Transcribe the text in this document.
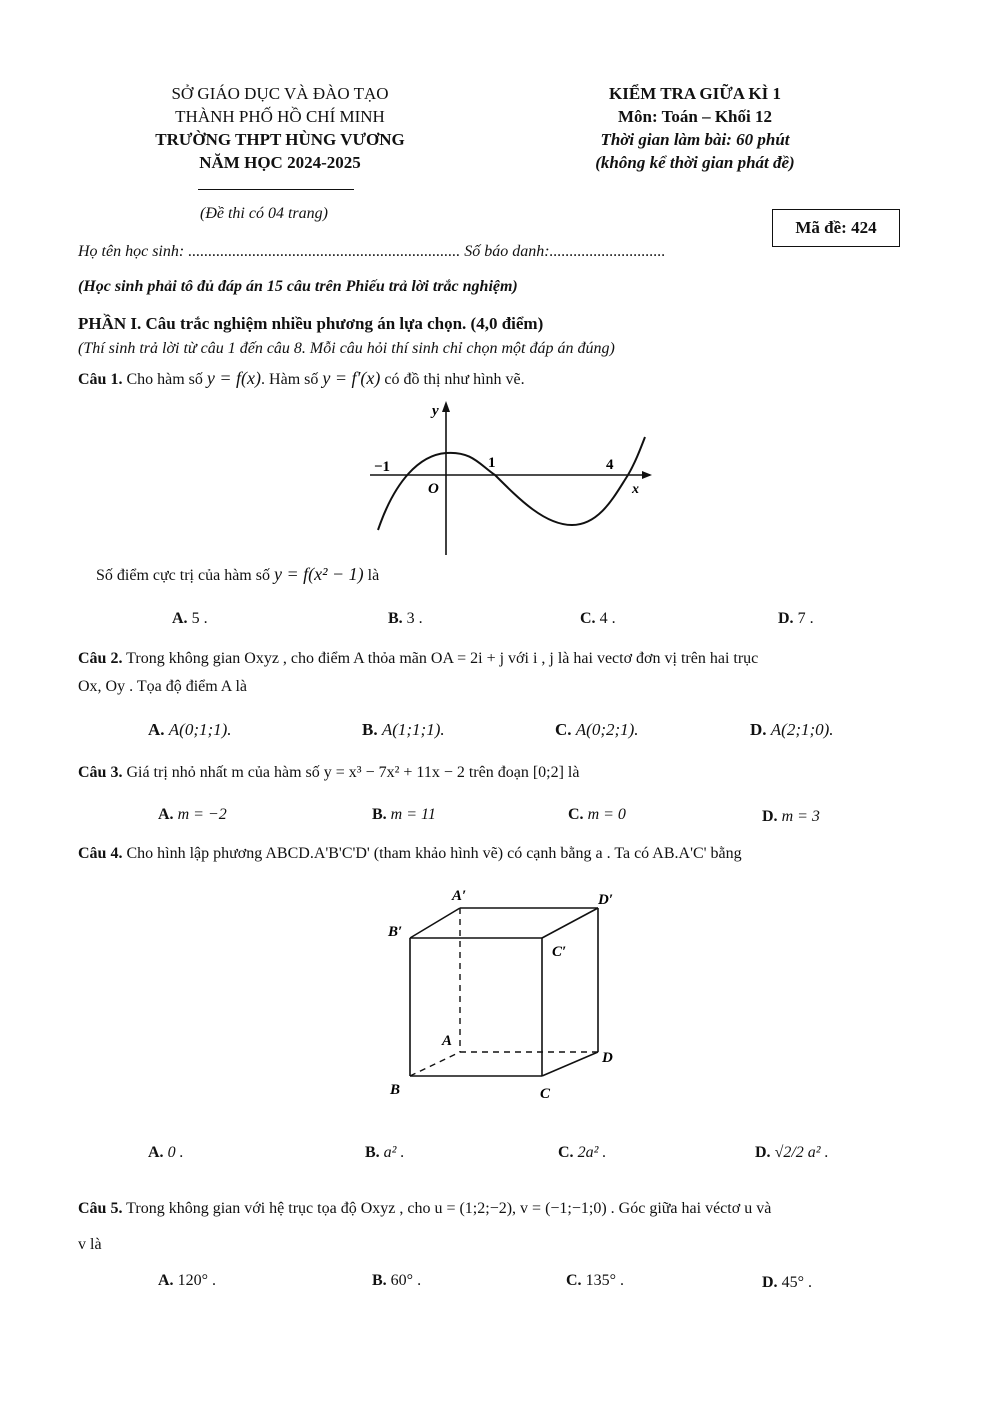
SỞ GIÁO DỤC VÀ ĐÀO TẠO
THÀNH PHỐ HỒ CHÍ MINH
TRƯỜNG THPT HÙNG VƯƠNG
NĂM HỌC 2024-2025
KIỂM TRA GIỮA KÌ 1
Môn: Toán – Khối 12
Thời gian làm bài: 60 phút
(không kể thời gian phát đề)
(Đề thi có 04 trang)
Mã đề: 424
Họ tên học sinh: .................................................................... Số báo danh:.............................
(Học sinh phải tô đủ đáp án 15 câu trên Phiếu trả lời trắc nghiệm)
PHẦN I. Câu trắc nghiệm nhiều phương án lựa chọn. (4,0 điểm)
(Thí sinh trả lời từ câu 1 đến câu 8. Mỗi câu hỏi thí sinh chỉ chọn một đáp án đúng)
Câu 1. Cho hàm số y = f(x). Hàm số y = f′(x) có đồ thị như hình vẽ.
y
x
O
−1	1	4
Số điểm cực trị của hàm số y = f(x² − 1) là
A. 5 .	B. 3 .	C. 4 .	D. 7 .
Câu 2. Trong không gian Oxyz , cho điểm A thỏa mãn OA = 2i + j với i , j là hai vectơ đơn vị trên hai trục
Ox, Oy . Tọa độ điểm A là
A. A(0;1;1).	B. A(1;1;1).	C. A(0;2;1).	D. A(2;1;0).
Câu 3. Giá trị nhỏ nhất m của hàm số y = x³ − 7x² + 11x − 2 trên đoạn [0;2] là
A. m = −2	B. m = 11	C. m = 0	D. m = 3
Câu 4. Cho hình lập phương ABCD.A'B'C'D' (tham khảo hình vẽ) có cạnh bằng a . Ta có AB.A'C' bằng
A′	D′
B′
C′
A
D
B	C
A. 0 .	B. a² .	C. 2a² .	D. √2/2 a² .
Câu 5. Trong không gian với hệ trục tọa độ Oxyz , cho u = (1;2;−2), v = (−1;−1;0) . Góc giữa hai véctơ u và
v là
A. 120° .	B. 60° .	C. 135° .	D. 45° .
